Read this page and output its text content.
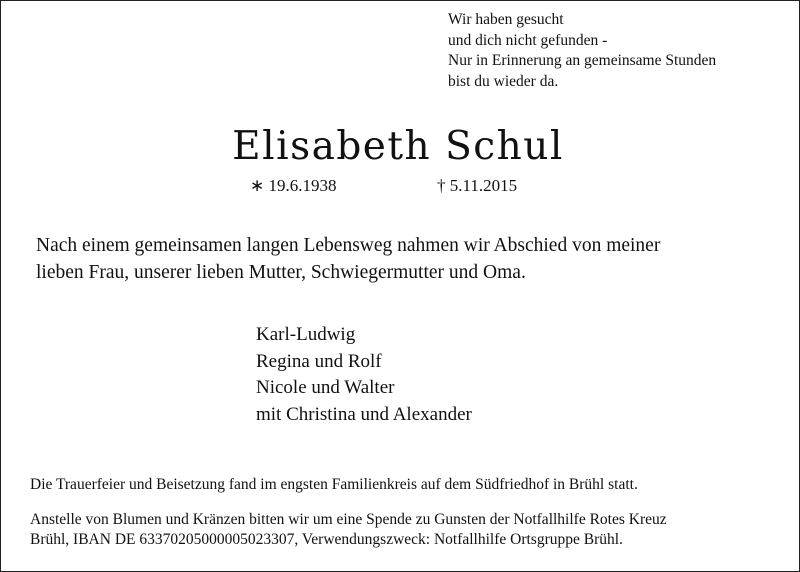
Wir haben gesucht
und dich nicht gefunden -
Nur in Erinnerung an gemeinsame Stunden
bist du wieder da.
Elisabeth Schul
∗ 19.6.1938	† 5.11.2015
Nach einem gemeinsamen langen Lebensweg nahmen wir Abschied von meiner
lieben Frau, unserer lieben Mutter, Schwiegermutter und Oma.
Karl-Ludwig
Regina und Rolf
Nicole und Walter
mit Christina und Alexander
Die Trauerfeier und Beisetzung fand im engsten Familienkreis auf dem Südfriedhof in Brühl statt.
Anstelle von Blumen und Kränzen bitten wir um eine Spende zu Gunsten der Notfallhilfe Rotes Kreuz
Brühl, IBAN DE 63370205000005023307, Verwendungszweck: Notfallhilfe Ortsgruppe Brühl.
